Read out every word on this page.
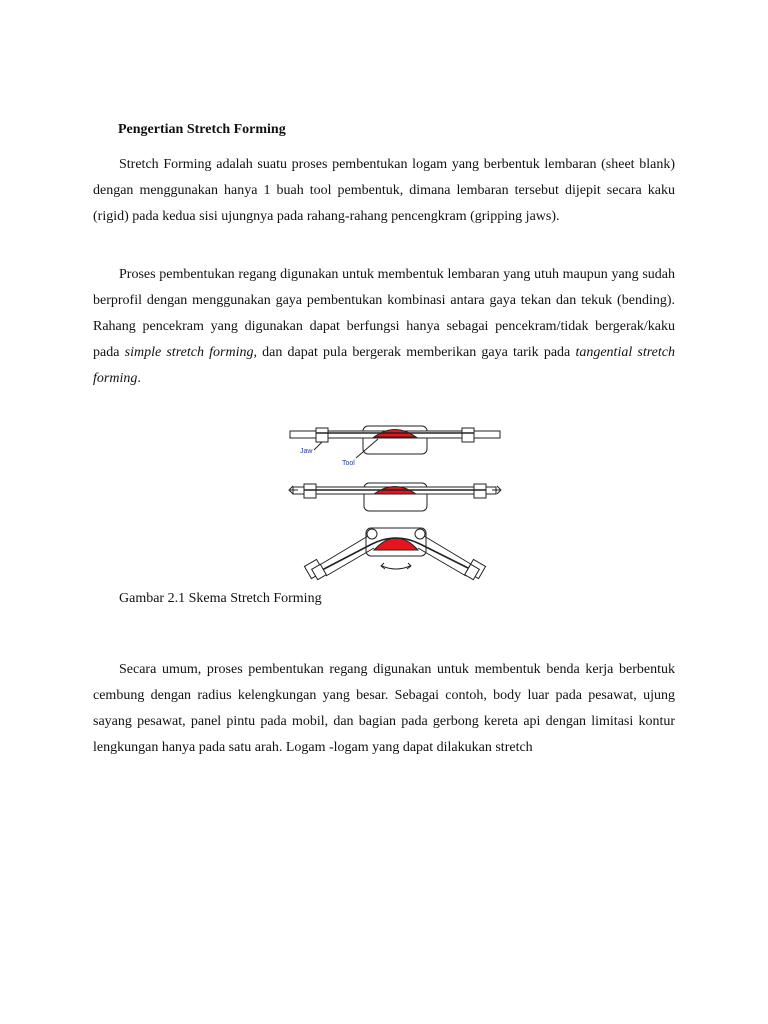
Pengertian Stretch Forming

Stretch Forming adalah suatu proses pembentukan logam yang berbentuk lembaran (sheet blank) dengan menggunakan hanya 1 buah tool pembentuk, dimana lembaran tersebut dijepit secara kaku (rigid) pada kedua sisi ujungnya pada rahang-rahang pencengkram (gripping jaws).

Proses pembentukan regang digunakan untuk membentuk lembaran yang utuh maupun yang sudah berprofil dengan menggunakan gaya pembentukan kombinasi antara gaya tekan dan tekuk (bending). Rahang pencekram yang digunakan dapat berfungsi hanya sebagai pencekram/tidak bergerak/kaku pada simple stretch forming, dan dapat pula bergerak memberikan gaya tarik pada tangential stretch forming.

Jaw
Tool
Gambar 2.1 Skema Stretch Forming

Secara umum, proses pembentukan regang digunakan untuk membentuk benda kerja berbentuk cembung dengan radius kelengkungan yang besar. Sebagai contoh, body luar pada pesawat, ujung sayang pesawat, panel pintu pada mobil, dan bagian pada gerbong kereta api dengan limitasi kontur lengkungan hanya pada satu arah. Logam -logam yang dapat dilakukan stretch
